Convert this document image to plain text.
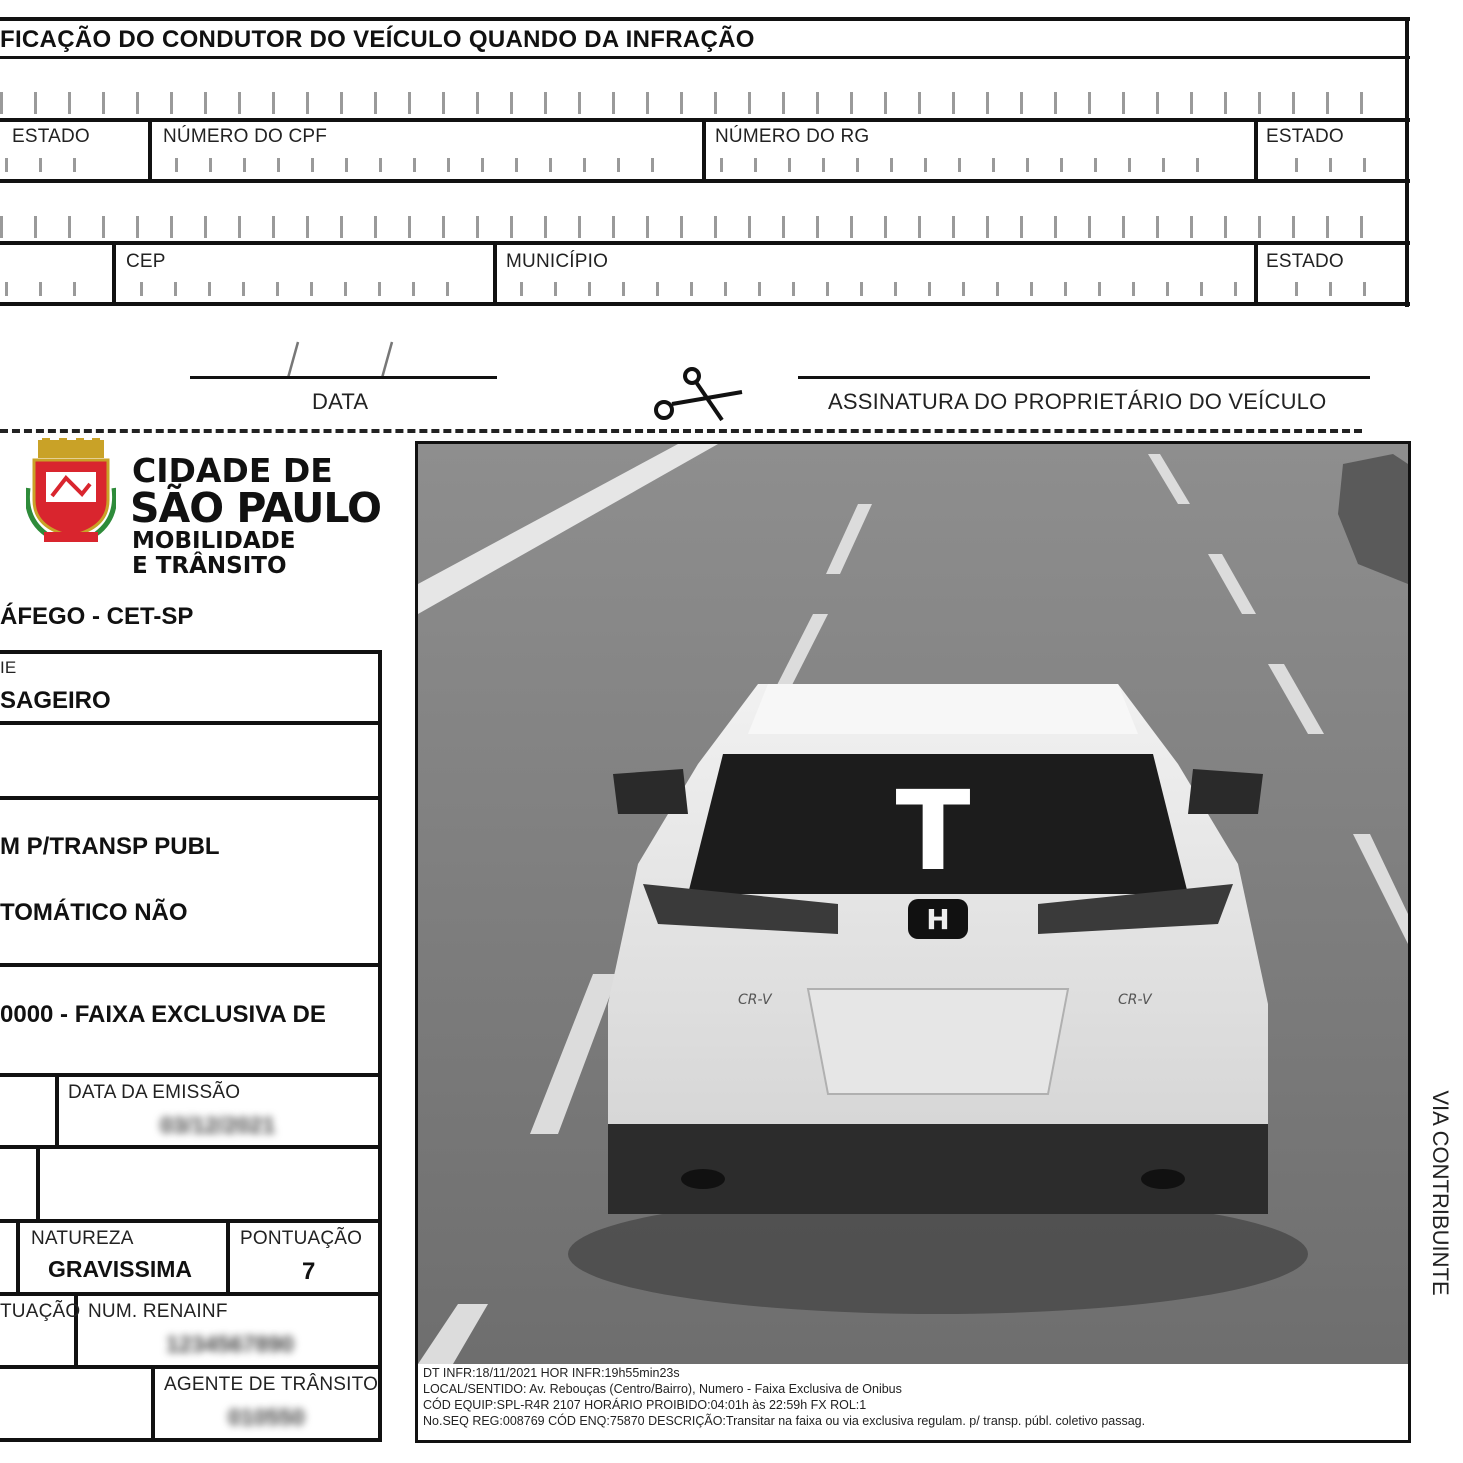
FICAÇÃO DO CONDUTOR DO VEÍCULO QUANDO DA INFRAÇÃO
ESTADO	NÚMERO DO CPF	NÚMERO DO RG	ESTADO
CEP	MUNICÍPIO	ESTADO
DATA	ASSINATURA DO PROPRIETÁRIO DO VEÍCULO
CIDADE DE
SÃO PAULO
MOBILIDADE
E TRÂNSITO
ÁFEGO - CET-SP
IE
SAGEIRO
M P/TRANSP PUBL
TOMÁTICO NÃO
0000 - FAIXA EXCLUSIVA DE
DATA DA EMISSÃO
03/12/2021
NATUREZA
GRAVISSIMA
PONTUAÇÃO
7
TUAÇÃO NUM. RENAINF
1234567890
AGENTE DE TRÂNSITO
010550
T
H
CR-V	CR-V
DT INFR:18/11/2021 HOR INFR:19h55min23s
LOCAL/SENTIDO: Av. Rebouças (Centro/Bairro), Numero - Faixa Exclusiva de Onibus
CÓD EQUIP:SPL-R4R 2107 HORÁRIO PROIBIDO:04:01h às 22:59h FX ROL:1
No.SEQ REG:008769 CÓD ENQ:75870 DESCRIÇÃO:Transitar na faixa ou via exclusiva regulam. p/ transp. públ. coletivo passag.
VIA CONTRIBUINTE
